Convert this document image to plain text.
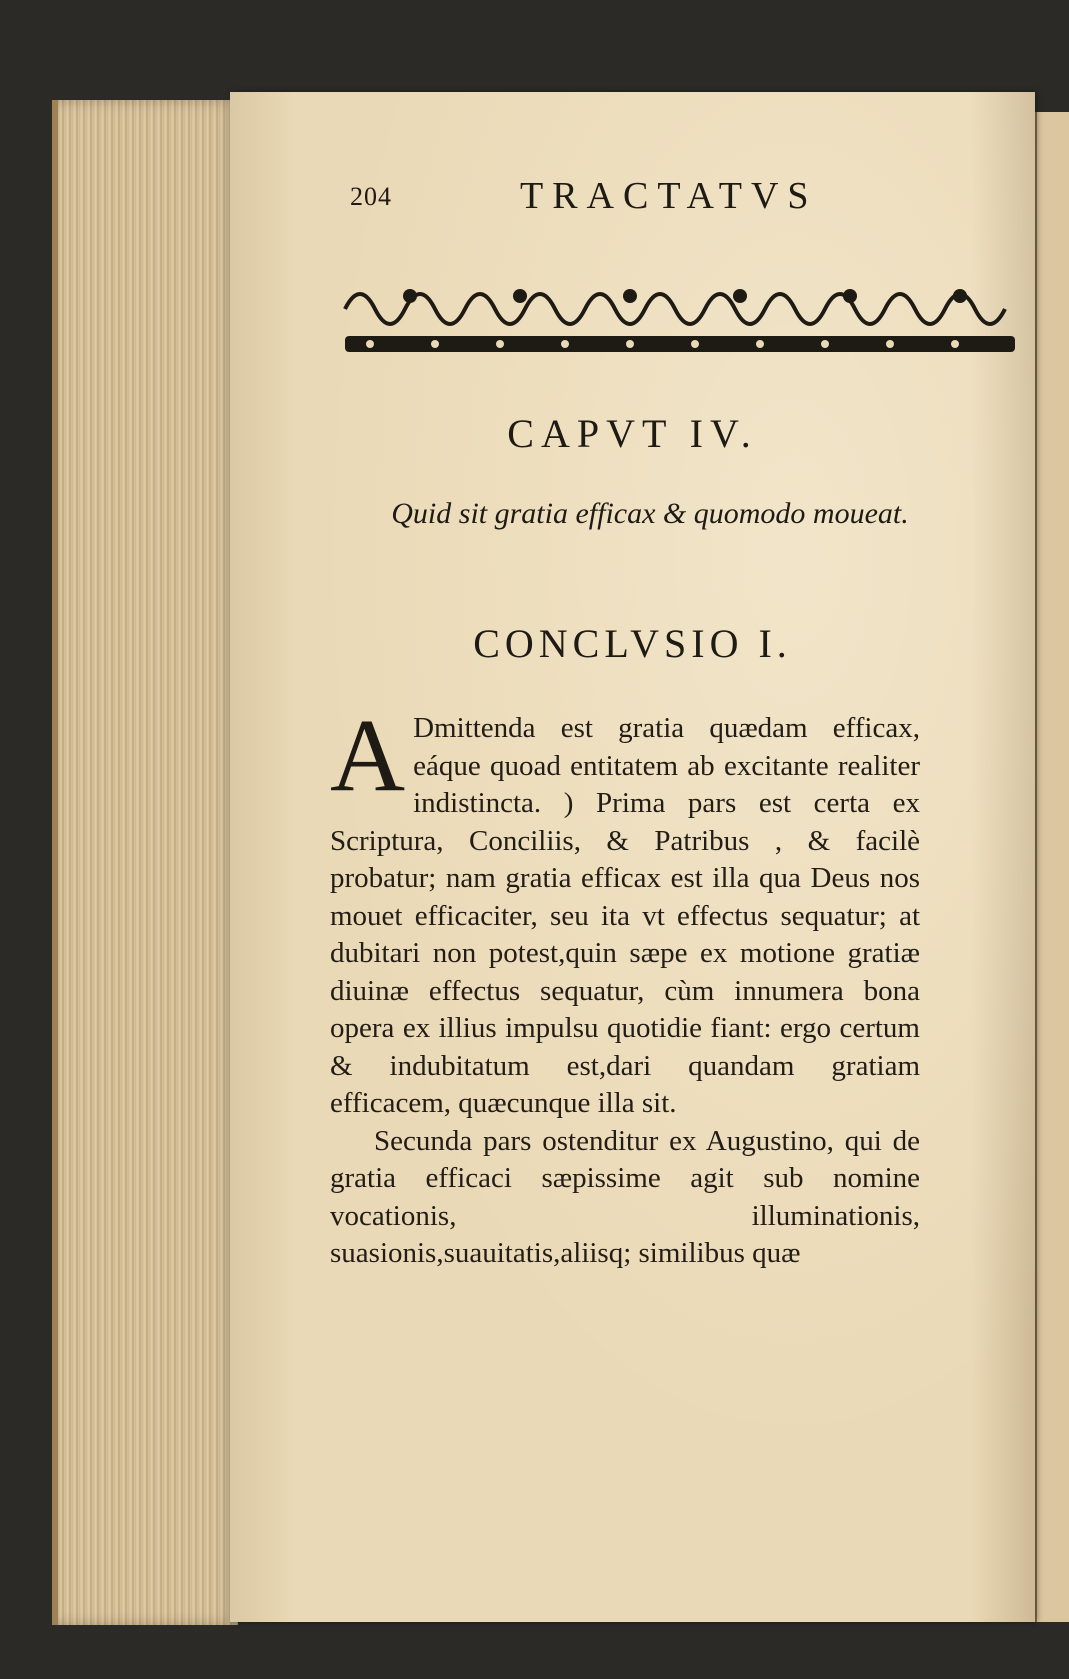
204	TRACTATVS
CAPVT IV.
Quid sit gratia efficax & quomodo moueat.
CONCLVSIO I.

A Dmittenda est gratia quædam efficax, eáque quoad entitatem ab excitante realiter indistincta. ) Prima pars est certa ex Scriptura, Conciliis, & Patribus , & facilè probatur; nam gratia efficax est illa qua Deus nos mouet efficaciter, seu ita vt effectus sequatur; at dubitari non potest,quin sæpe ex motione gratiæ diuinæ effectus sequatur, cùm innumera bona opera ex illius impulsu quotidie fiant: ergo certum & indubitatum est,dari quandam gratiam efficacem, quæcunque illa sit.

Secunda pars ostenditur ex Augustino, qui de gratia efficaci sæpissime agit sub nomine vocationis, illuminationis, suasionis,suauitatis,aliisq; similibus quæ
